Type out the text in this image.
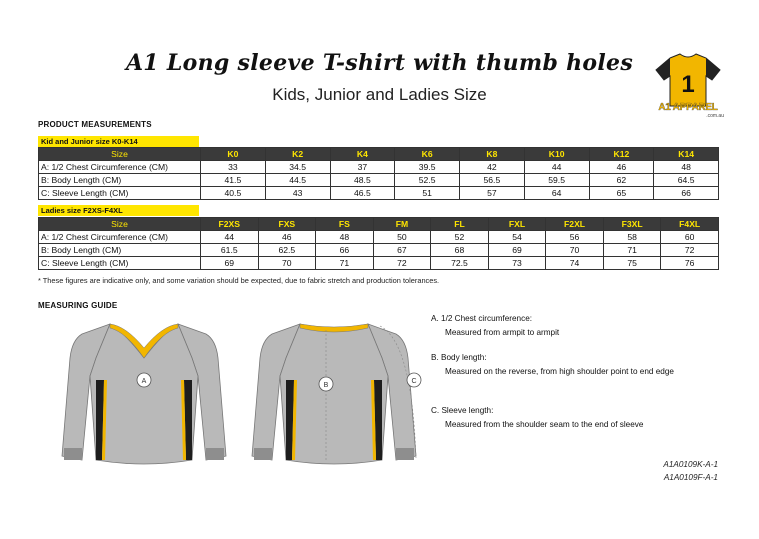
A1 Long sleeve T-shirt with thumb holes
Kids, Junior and Ladies Size	1
A1 APPAREL
.com.au
PRODUCT MEASUREMENTS
Kid and Junior size K0-K14
Size	K0	K2	K4	K6	K8	K10	K12	K14
A: 1/2 Chest Circumference (CM)	33	34.5	37	39.5	42	44	46	48
B: Body Length (CM)	41.5	44.5	48.5	52.5	56.5	59.5	62	64.5
C: Sleeve Length (CM)	40.5	43	46.5	51	57	64	65	66
Ladies size F2XS-F4XL
Size	F2XS	FXS	FS	FM	FL	FXL	F2XL	F3XL	F4XL
A: 1/2 Chest Circumference (CM)	44	46	48	50	52	54	56	58	60
B: Body Length (CM)	61.5	62.5	66	67	68	69	70	71	72
C: Sleeve Length (CM)	69	70	71	72	72.5	73	74	75	76
* These figures are indicative only, and some variation should be expected, due to fabric stretch and production tolerances.
MEASURING GUIDE
A
B
C
A. 1/2 Chest circumference:
Measured from armpit to armpit
B. Body length:
Measured on the reverse, from high shoulder point to end edge
C. Sleeve length:
Measured from the shoulder seam to the end of sleeve
A1A0109K-A-1
A1A0109F-A-1
